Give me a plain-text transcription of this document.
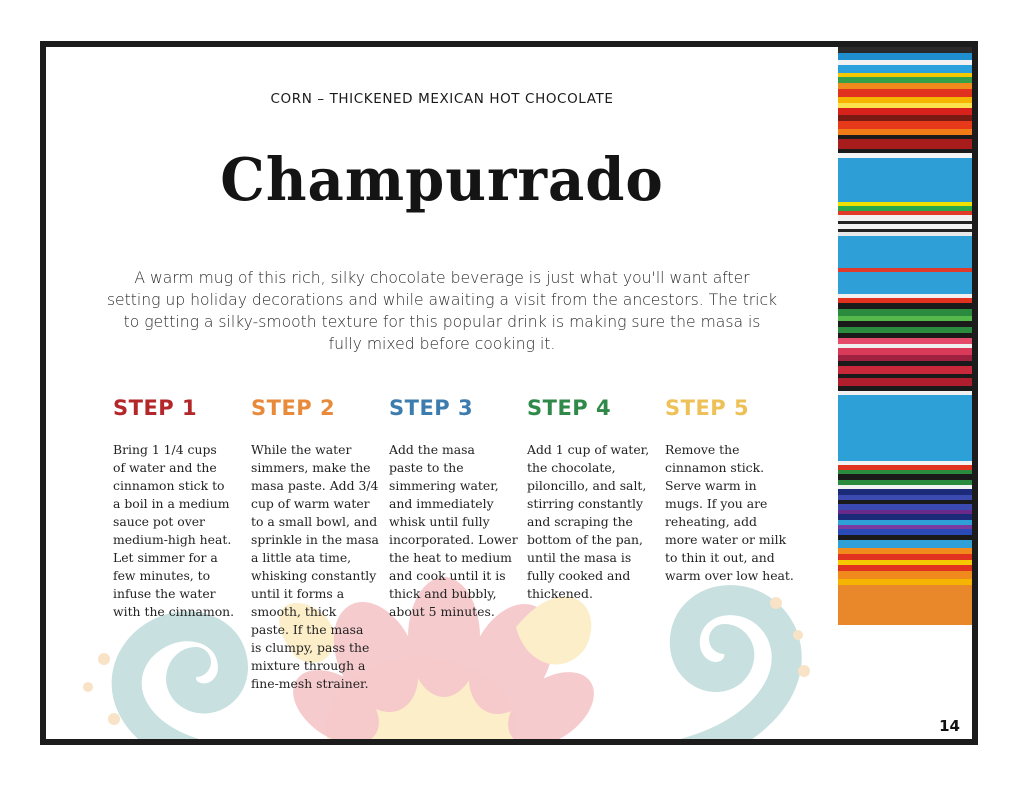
CORN – THICKENED MEXICAN HOT CHOCOLATE
Champurrado
A warm mug of this rich, silky chocolate beverage is just what you'll want after setting up holiday decorations and while awaiting a visit from the ancestors. The trick to getting a silky-smooth texture for this popular drink is making sure the masa is fully mixed before cooking it.
STEP 1
Bring 1 1/4 cups
of water and the
cinnamon stick to
a boil in a medium
sauce pot over
medium-high heat.
Let simmer for a
few minutes, to
infuse the water
with the cinnamon.
STEP 2
While the water
simmers, make the
masa paste. Add 3/4
cup of warm water
to a small bowl, and
sprinkle in the masa
a little ata time,
whisking constantly
until it forms a
smooth, thick
paste. If the masa
is clumpy, pass the
mixture through a
fine-mesh strainer.
STEP 3
Add the masa
paste to the
simmering water,
and immediately
whisk until fully
incorporated. Lower
the heat to medium
and cook until it is
thick and bubbly,
about 5 minutes.
STEP 4
Add 1 cup of water,
the chocolate,
piloncillo, and salt,
stirring constantly
and scraping the
bottom of the pan,
until the masa is
fully cooked and
thickened.
STEP 5
Remove the
cinnamon stick.
Serve warm in
mugs. If you are
reheating, add
more water or milk
to thin it out, and
warm over low heat.
14
